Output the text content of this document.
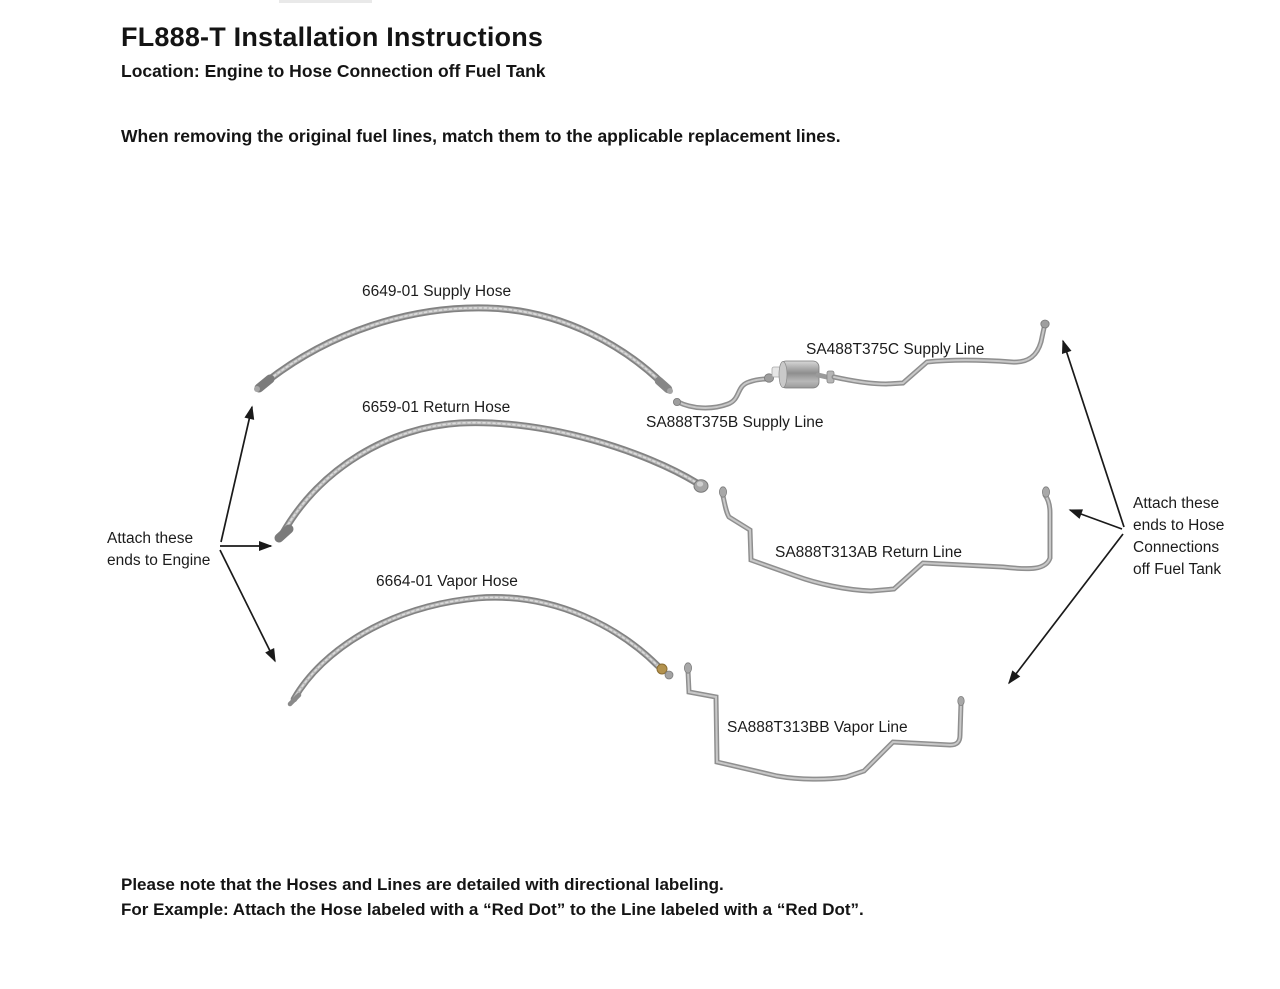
FL888-T Installation Instructions
Location: Engine to Hose Connection off Fuel Tank
When removing the original fuel lines, match them to the applicable replacement lines.
6649-01 Supply Hose
6659-01 Return Hose
6664-01 Vapor Hose
SA888T375B Supply Line
SA488T375C Supply Line
SA888T313AB Return Line
SA888T313BB Vapor Line
Attach these
ends to Engine
Attach these
ends to Hose
Connections
off Fuel Tank
Please note that the Hoses and Lines are detailed with directional labeling.
For Example: Attach the Hose labeled with a “Red Dot” to the Line labeled with a “Red Dot”.
